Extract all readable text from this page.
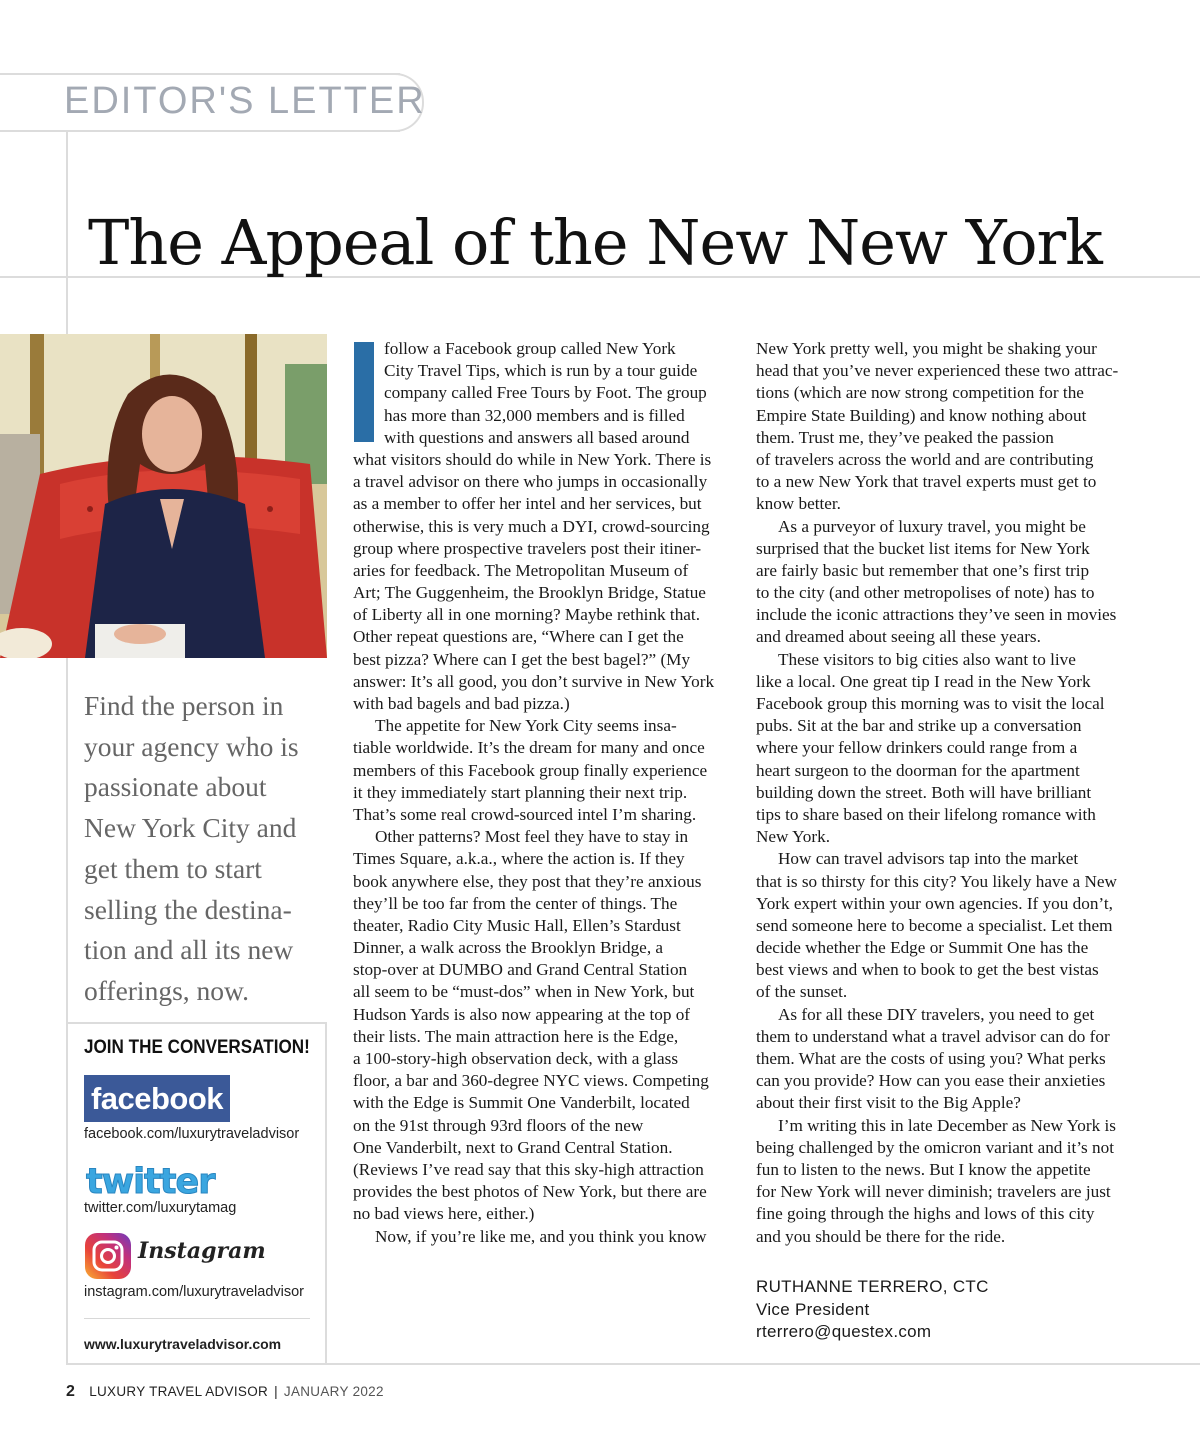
EDITOR'S LETTER
The Appeal of the New New York
Find the person in
your agency who is
passionate about
New York City and
get them to start
selling the destina-
tion and all its new
offerings, now.
JOIN THE CONVERSATION!
facebook
facebook.com/luxurytraveladvisor
twitter
twitter.com/luxurytamag
Instagram
instagram.com/luxurytraveladvisor
www.luxurytraveladvisor.com
follow a Facebook group called New York
City Travel Tips, which is run by a tour guide
company called Free Tours by Foot. The group
has more than 32,000 members and is filled
with questions and answers all based around
what visitors should do while in New York. There is
a travel advisor on there who jumps in occasionally
as a member to offer her intel and her services, but
otherwise, this is very much a DYI, crowd-sourcing
group where prospective travelers post their itiner-
aries for feedback. The Metropolitan Museum of
Art; The Guggenheim, the Brooklyn Bridge, Statue
of Liberty all in one morning? Maybe rethink that.
Other repeat questions are, “Where can I get the
best pizza? Where can I get the best bagel?” (My
answer: It’s all good, you don’t survive in New York
with bad bagels and bad pizza.)
The appetite for New York City seems insa-
tiable worldwide. It’s the dream for many and once
members of this Facebook group finally experience
it they immediately start planning their next trip.
That’s some real crowd-sourced intel I’m sharing.
Other patterns? Most feel they have to stay in
Times Square, a.k.a., where the action is. If they
book anywhere else, they post that they’re anxious
they’ll be too far from the center of things. The
theater, Radio City Music Hall, Ellen’s Stardust
Dinner, a walk across the Brooklyn Bridge, a
stop-over at DUMBO and Grand Central Station
all seem to be “must-dos” when in New York, but
Hudson Yards is also now appearing at the top of
their lists. The main attraction here is the Edge,
a 100-story-high observation deck, with a glass
floor, a bar and 360-degree NYC views. Competing
with the Edge is Summit One Vanderbilt, located
on the 91st through 93rd floors of the new
One Vanderbilt, next to Grand Central Station.
(Reviews I’ve read say that this sky-high attraction
provides the best photos of New York, but there are
no bad views here, either.)
Now, if you’re like me, and you think you know
New York pretty well, you might be shaking your
head that you’ve never experienced these two attrac-
tions (which are now strong competition for the
Empire State Building) and know nothing about
them. Trust me, they’ve peaked the passion
of travelers across the world and are contributing
to a new New York that travel experts must get to
know better.
As a purveyor of luxury travel, you might be
surprised that the bucket list items for New York
are fairly basic but remember that one’s first trip
to the city (and other metropolises of note) has to
include the iconic attractions they’ve seen in movies
and dreamed about seeing all these years.
These visitors to big cities also want to live
like a local. One great tip I read in the New York
Facebook group this morning was to visit the local
pubs. Sit at the bar and strike up a conversation
where your fellow drinkers could range from a
heart surgeon to the doorman for the apartment
building down the street. Both will have brilliant
tips to share based on their lifelong romance with
New York.
How can travel advisors tap into the market
that is so thirsty for this city? You likely have a New
York expert within your own agencies. If you don’t,
send someone here to become a specialist. Let them
decide whether the Edge or Summit One has the
best views and when to book to get the best vistas
of the sunset.
As for all these DIY travelers, you need to get
them to understand what a travel advisor can do for
them. What are the costs of using you? What perks
can you provide? How can you ease their anxieties
about their first visit to the Big Apple?
I’m writing this in late December as New York is
being challenged by the omicron variant and it’s not
fun to listen to the news. But I know the appetite
for New York will never diminish; travelers are just
fine going through the highs and lows of this city
and you should be there for the ride.
RUTHANNE TERRERO, CTC
Vice President
rterrero@questex.com
2 LUXURY TRAVEL ADVISOR | JANUARY 2022
